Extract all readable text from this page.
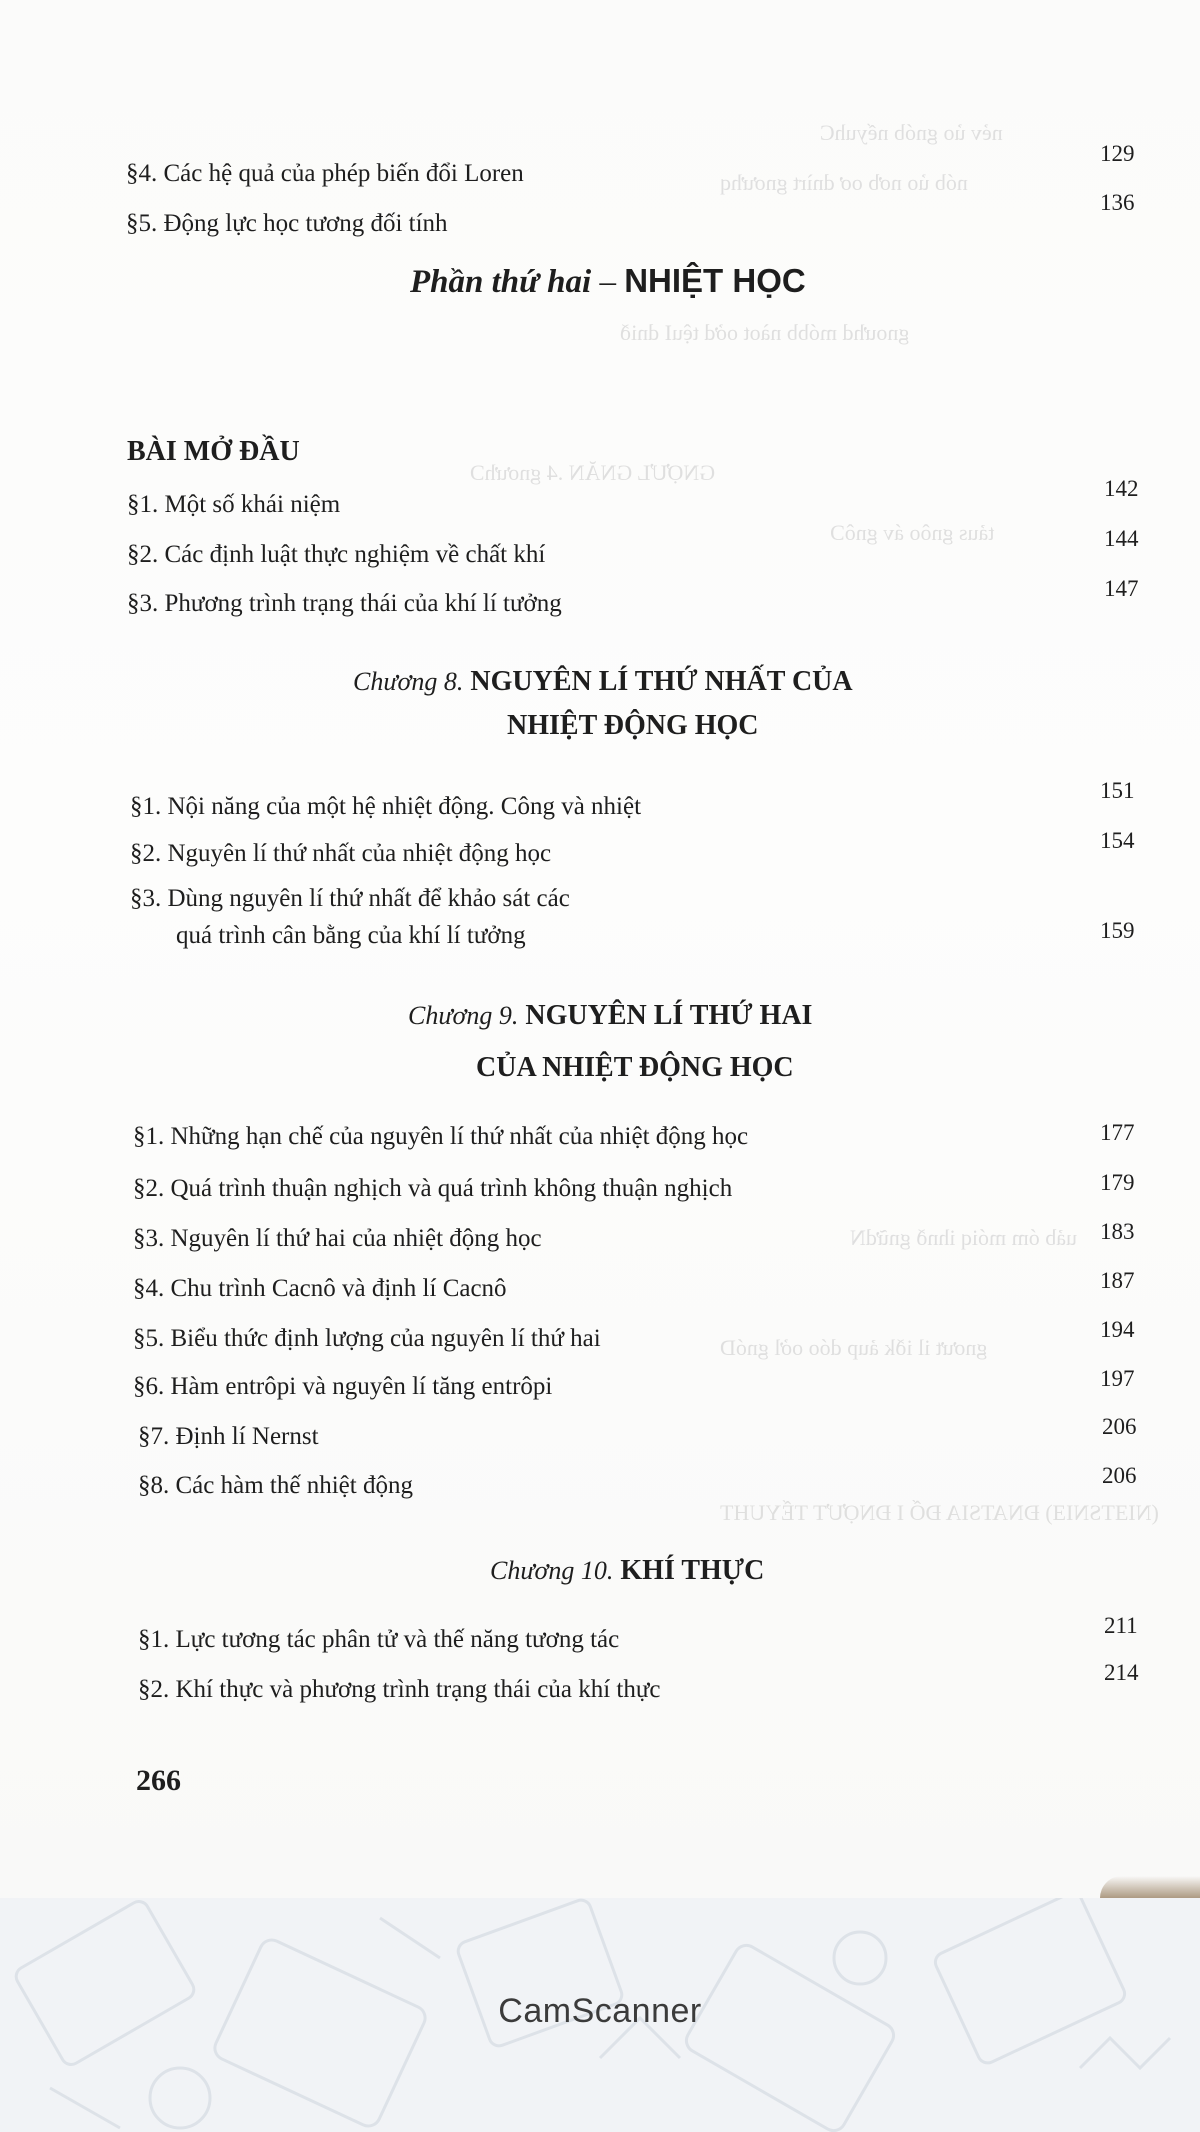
nẻv ủo gnób nếyuhC
nób ủo nơb oơ dnìrt gnơưhq
gnoưhd móbb nàot oởd tệuI dnið
GNỢƯL GNĂN .4 gnơưhƆ
tảus gnôo áv gnôƆ
uảb óm móiq ihnð gnữdN
gnơưt il iðk ảup dóo oởl gnóD
(NIƎTSNIƎ) ĐNATSIA ĐỐ I ĐNỢƯƬ TẾYUHT
§4. Các hệ quả của phép biến đổi Loren
129
§5. Động lực học tương đối tính
136
Phần thứ hai – NHIỆT HỌC
BÀI MỞ ĐẦU
§1. Một số khái niệm
142
§2. Các định luật thực nghiệm về chất khí
144
§3. Phương trình trạng thái của khí lí tưởng
147
Chương 8. NGUYÊN LÍ THỨ NHẤT CỦA
NHIỆT ĐỘNG HỌC
§1. Nội năng của một hệ nhiệt động. Công và nhiệt
151
§2. Nguyên lí thứ nhất của nhiệt động học	154
§3. Dùng nguyên lí thứ nhất để khảo sát các
quá trình cân bằng của khí lí tưởng	159
Chương 9. NGUYÊN LÍ THỨ HAI
CỦA NHIỆT ĐỘNG HỌC
§1. Những hạn chế của nguyên lí thứ nhất của nhiệt động học	177
§2. Quá trình thuận nghịch và quá trình không thuận nghịch	179
§3. Nguyên lí thứ hai của nhiệt động học	183
§4. Chu trình Cacnô và định lí Cacnô	187
§5. Biểu thức định lượng của nguyên lí thứ hai	194
§6. Hàm entrôpi và nguyên lí tăng entrôpi	197
§7. Định lí Nernst	206
§8. Các hàm thế nhiệt động	206
Chương 10. KHÍ THỰC
§1. Lực tương tác phân tử và thế năng tương tác
211
§2. Khí thực và phương trình trạng thái của khí thực
214
266
CamScanner
